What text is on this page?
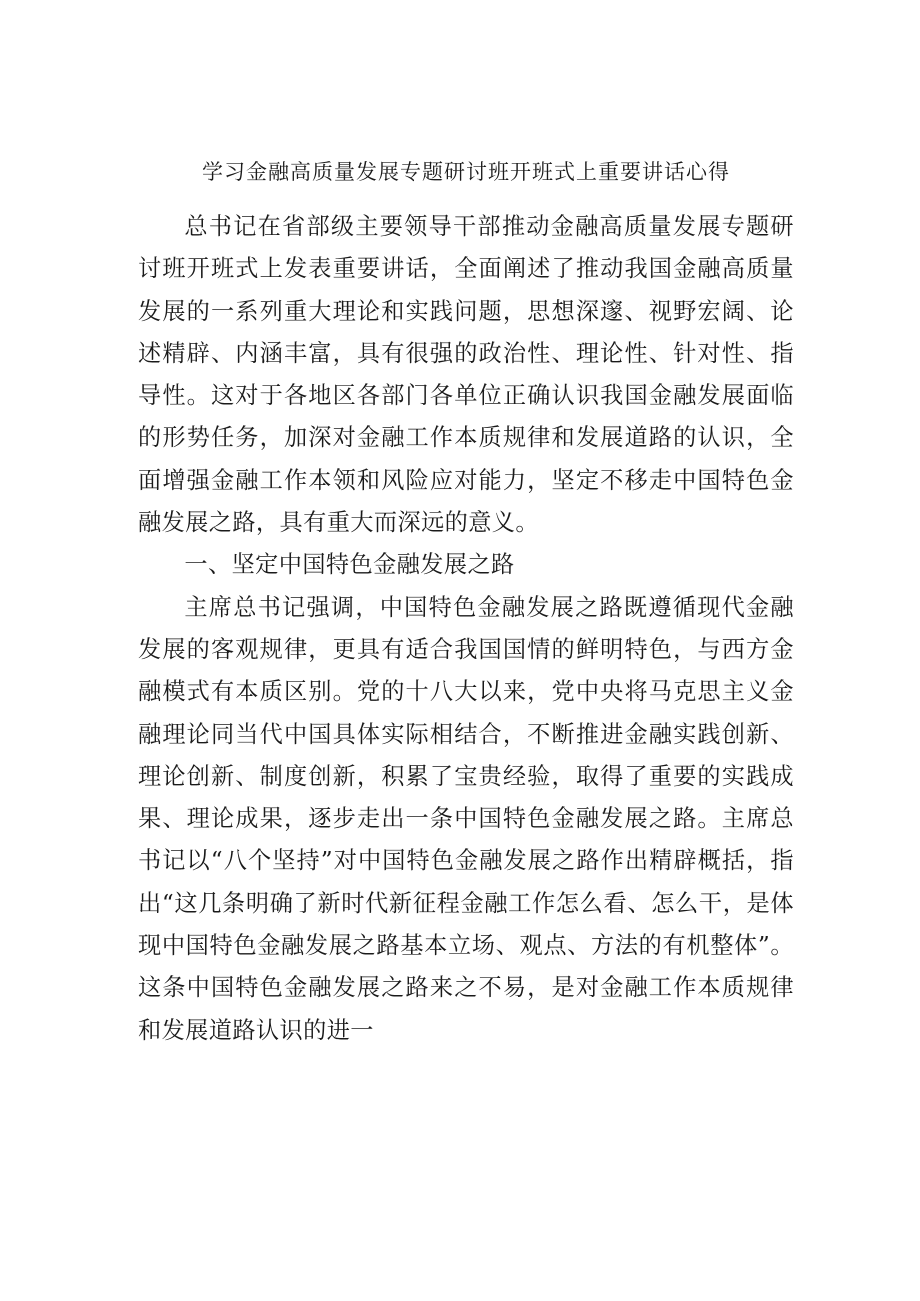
学习金融高质量发展专题研讨班开班式上重要讲话心得

总书记在省部级主要领导干部推动金融高质量发展专题研讨班开班式上发表重要讲话，全面阐述了推动我国金融高质量发展的一系列重大理论和实践问题，思想深邃、视野宏阔、论述精辟、内涵丰富，具有很强的政治性、理论性、针对性、指导性。这对于各地区各部门各单位正确认识我国金融发展面临的形势任务，加深对金融工作本质规律和发展道路的认识，全面增强金融工作本领和风险应对能力，坚定不移走中国特色金融发展之路，具有重大而深远的意义。

一、坚定中国特色金融发展之路

主席总书记强调，中国特色金融发展之路既遵循现代金融发展的客观规律，更具有适合我国国情的鲜明特色，与西方金融模式有本质区别。党的十八大以来，党中央将马克思主义金融理论同当代中国具体实际相结合，不断推进金融实践创新、理论创新、制度创新，积累了宝贵经验，取得了重要的实践成果、理论成果，逐步走出一条中国特色金融发展之路。主席总书记以“八个坚持”对中国特色金融发展之路作出精辟概括，指出“这几条明确了新时代新征程金融工作怎么看、怎么干，是体现中国特色金融发展之路基本立场、观点、方法的有机整体”。这条中国特色金融发展之路来之不易，是对金融工作本质规律和发展道路认识的进一
